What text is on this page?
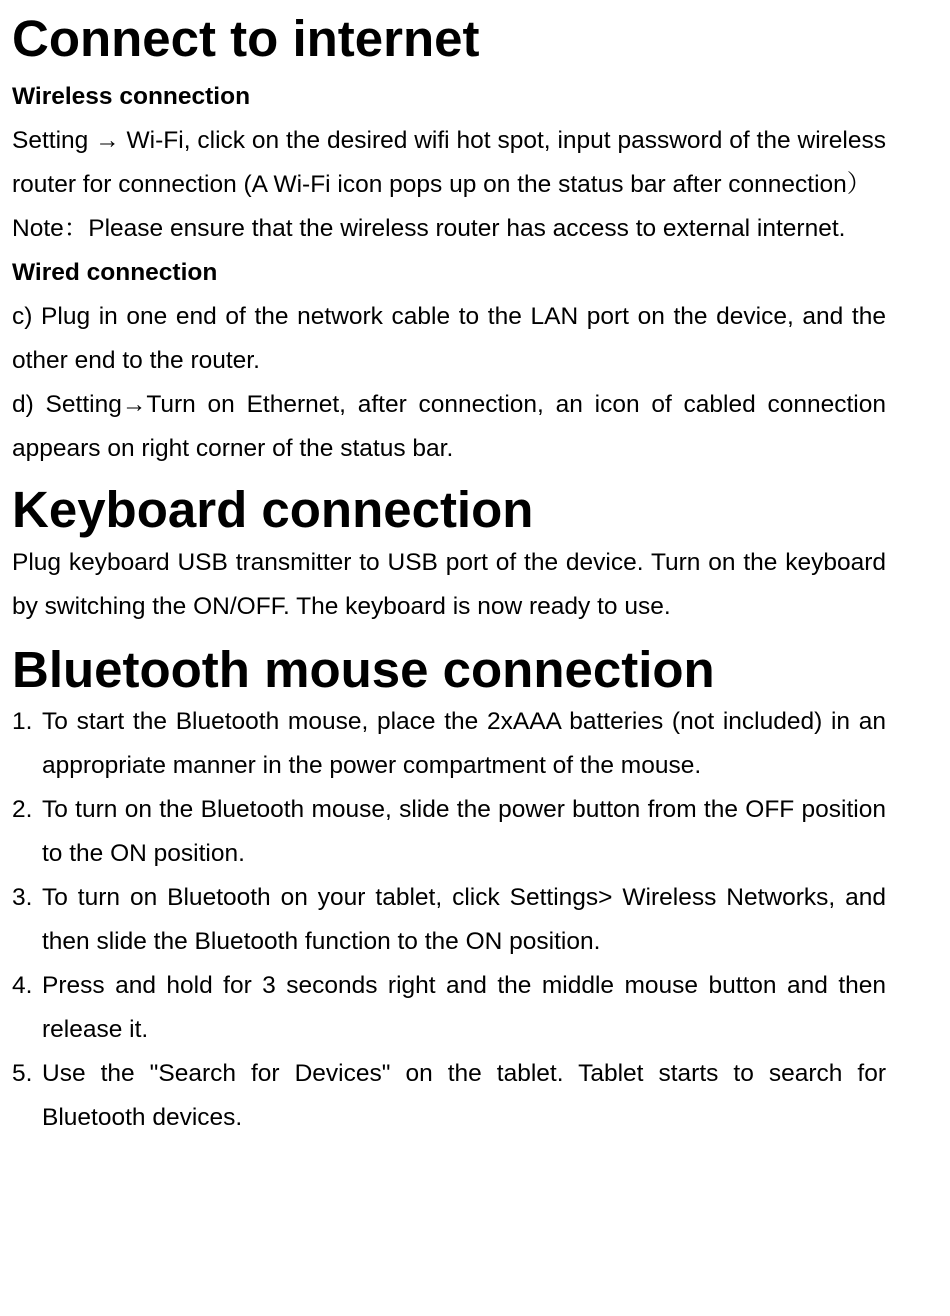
Connect to internet
Wireless connection

Setting → Wi-Fi, click on the desired wifi hot spot, input password of the wireless router for connection (A Wi-Fi icon pops up on the status bar after connection）

Note：Please ensure that the wireless router has access to external internet.

Wired connection

c) Plug in one end of the network cable to the LAN port on the device, and the other end to the router.

d) Setting→Turn on Ethernet, after connection, an icon of cabled connection appears on right corner of the status bar.

Keyboard connection

Plug keyboard USB transmitter to USB port of the device. Turn on the keyboard by switching the ON/OFF. The keyboard is now ready to use.

Bluetooth mouse connection
1. To start the Bluetooth mouse, place the 2xAAA batteries (not included) in an appropriate manner in the power compartment of the mouse.
2. To turn on the Bluetooth mouse, slide the power button from the OFF position to the ON position.
3. To turn on Bluetooth on your tablet, click Settings> Wireless Networks, and then slide the Bluetooth function to the ON position.
4. Press and hold for 3 seconds right and the middle mouse button and then release it.
5. Use the "Search for Devices" on the tablet. Tablet starts to search for Bluetooth devices.
